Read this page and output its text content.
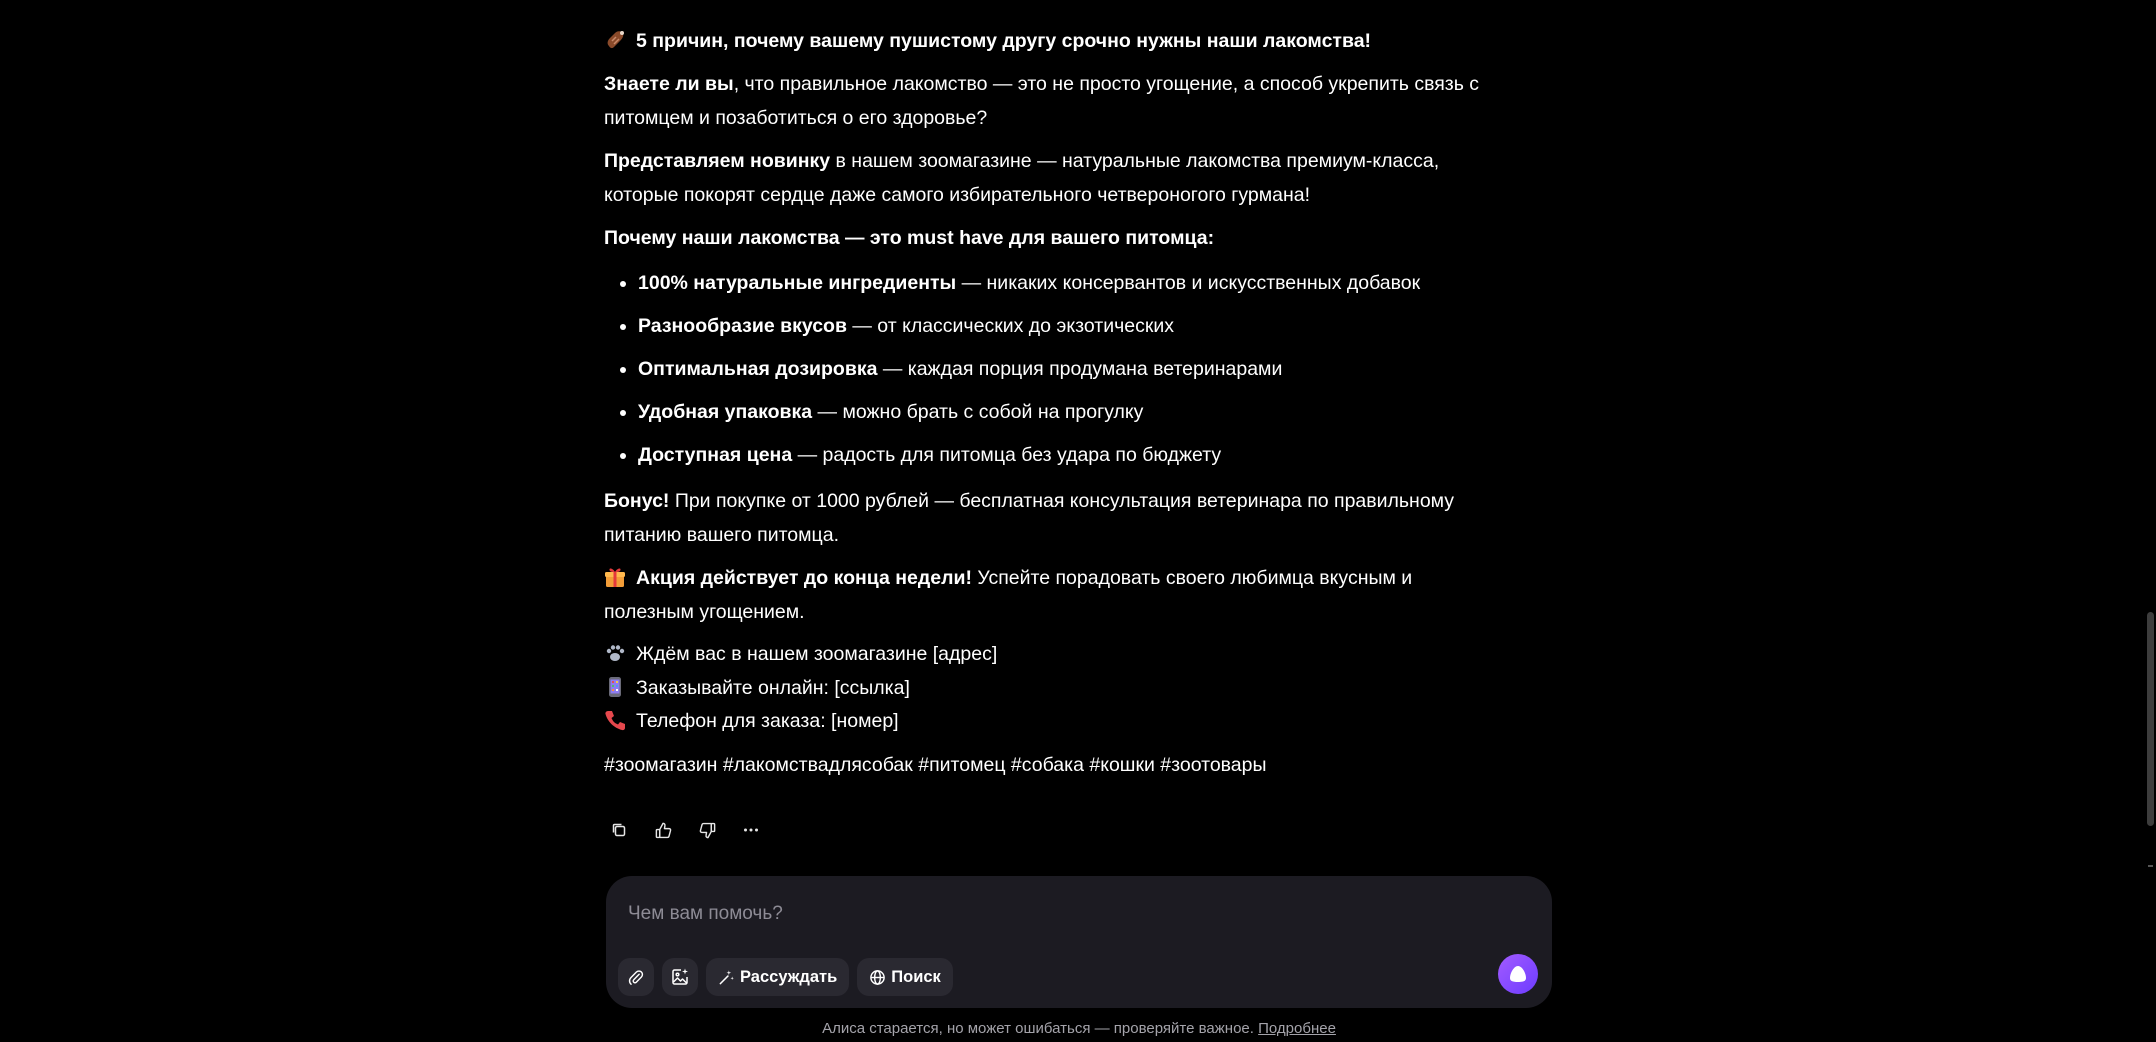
5 причин, почему вашему пушистому другу срочно нужны наши лакомства!

Знаете ли вы, что правильное лакомство — это не просто угощение, а способ укрепить связь с питомцем и позаботиться о его здоровье?

Представляем новинку в нашем зоомагазине — натуральные лакомства премиум-класса, которые покорят сердце даже самого избирательного четвероногого гурмана!

Почему наши лакомства — это must have для вашего питомца:

• 100% натуральные ингредиенты — никаких консервантов и искусственных добавок
• Разнообразие вкусов — от классических до экзотических
• Оптимальная дозировка — каждая порция продумана ветеринарами
• Удобная упаковка — можно брать с собой на прогулку
• Доступная цена — радость для питомца без удара по бюджету

Бонус! При покупке от 1000 рублей — бесплатная консультация ветеринара по правильному питанию вашего питомца.

Акция действует до конца недели! Успейте порадовать своего любимца вкусным и полезным угощением.

Ждём вас в нашем зоомагазине [адрес]
Заказывайте онлайн: [ссылка]
Телефон для заказа: [номер]

#зоомагазин #лакомствадлясобак #питомец #собака #кошки #зоотовары

Чем вам помочь?
Рассуждать	Поиск
Алиса старается, но может ошибаться — проверяйте важное. Подробнее
